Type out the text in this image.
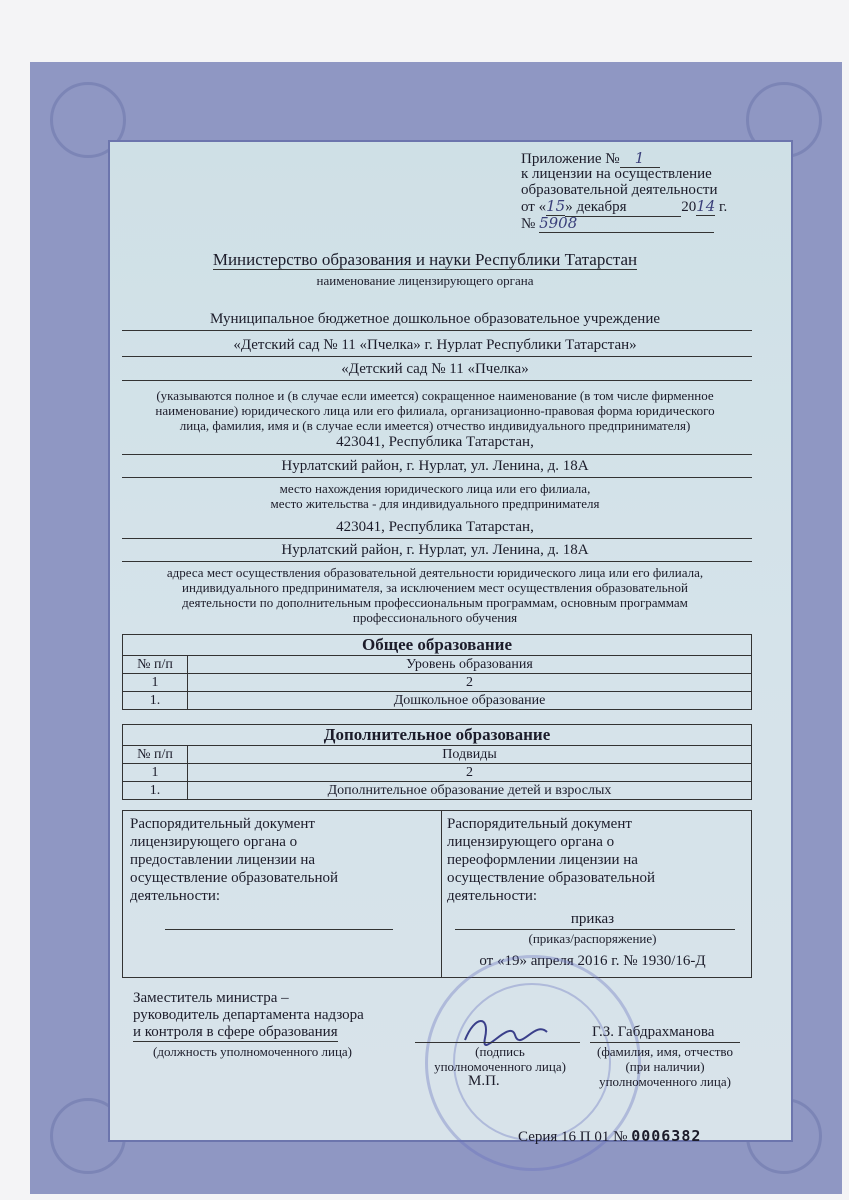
Приложение № 1
к лицензии на осуществление
образовательной деятельности
от «15» декабря	2014 г.
№ 5908
Министерство образования и науки Республики Татарстан
наименование лицензирующего органа
Муниципальное бюджетное дошкольное образовательное учреждение
«Детский сад № 11 «Пчелка» г. Нурлат Республики Татарстан»
«Детский сад № 11 «Пчелка»
(указываются полное и (в случае если имеется) сокращенное наименование (в том числе фирменное
наименование) юридического лица или его филиала, организационно-правовая форма юридического
лица, фамилия, имя и (в случае если имеется) отчество индивидуального предпринимателя)
423041, Республика Татарстан,
Нурлатский район, г. Нурлат, ул. Ленина, д. 18А
место нахождения юридического лица или его филиала,
место жительства - для индивидуального предпринимателя
423041, Республика Татарстан,
Нурлатский район, г. Нурлат, ул. Ленина, д. 18А
адреса мест осуществления образовательной деятельности юридического лица или его филиала,
индивидуального предпринимателя, за исключением мест осуществления образовательной
деятельности по дополнительным профессиональным программам, основным программам
профессионального обучения
Общее образование	
№ п/п	Уровень образования
1	2
1.	Дошкольное образование
Дополнительное образование	
№ п/п	Подвиды
1	2
1.	Дополнительное образование детей и взрослых
Распорядительный документ
лицензирующего органа о
предоставлении лицензии на
осуществление образовательной
деятельности:
Распорядительный документ
лицензирующего органа о
переоформлении лицензии на
осуществление образовательной
деятельности:
приказ
(приказ/распоряжение)
от «19» апреля 2016 г. № 1930/16-Д
Заместитель министра –
руководитель департамента надзора
и контроля в сфере образования
(должность уполномоченного лица)	(подпись
уполномоченного лица)
М.П.
Г.З. Габдрахманова
(фамилия, имя, отчество
(при наличии)
уполномоченного лица)
Серия 16 П 01 № 0006382
